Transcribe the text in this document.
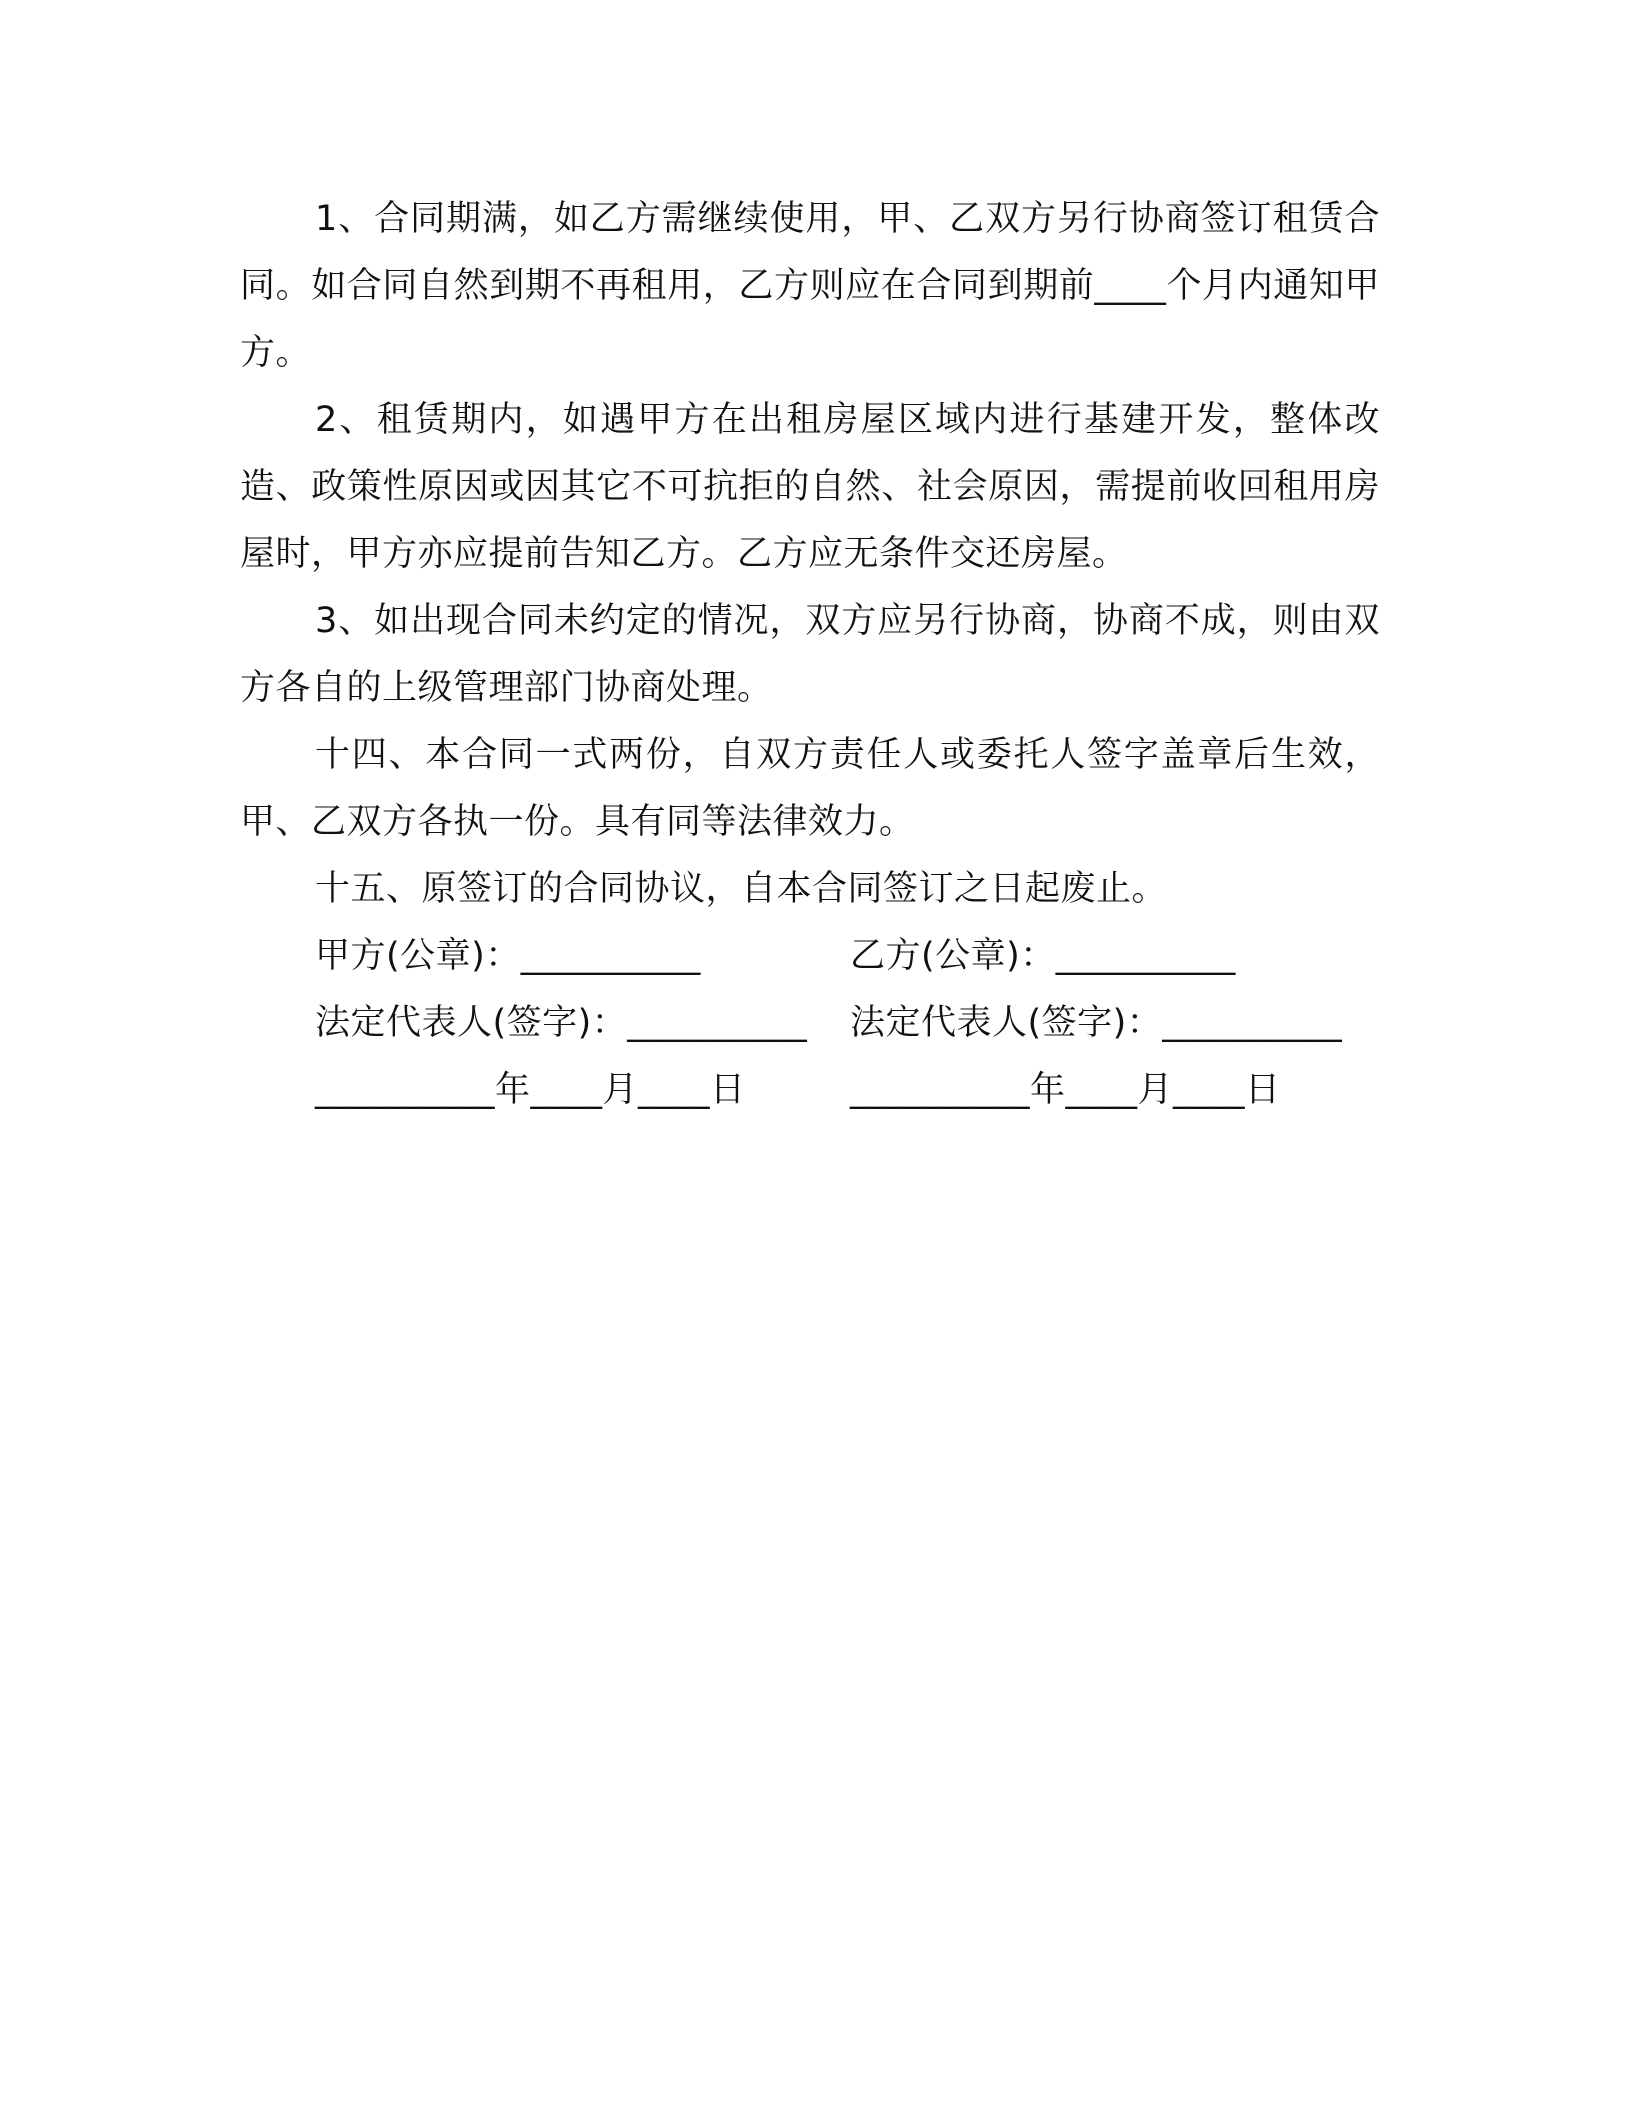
1、合同期满，如乙方需继续使用，甲、乙双方另行协商签订租赁合同。如合同自然到期不再租用，乙方则应在合同到期前____个月内通知甲方。

2、租赁期内，如遇甲方在出租房屋区域内进行基建开发，整体改造、政策性原因或因其它不可抗拒的自然、社会原因，需提前收回租用房屋时，甲方亦应提前告知乙方。乙方应无条件交还房屋。

3、如出现合同未约定的情况，双方应另行协商，协商不成，则由双方各自的上级管理部门协商处理。

十四、本合同一式两份，自双方责任人或委托人签字盖章后生效，甲、乙双方各执一份。具有同等法律效力。

十五、原签订的合同协议，自本合同签订之日起废止。

甲方(公章)：__________	乙方(公章)：__________
法定代表人(签字)：__________	法定代表人(签字)：__________
__________年____月____日	__________年____月____日
